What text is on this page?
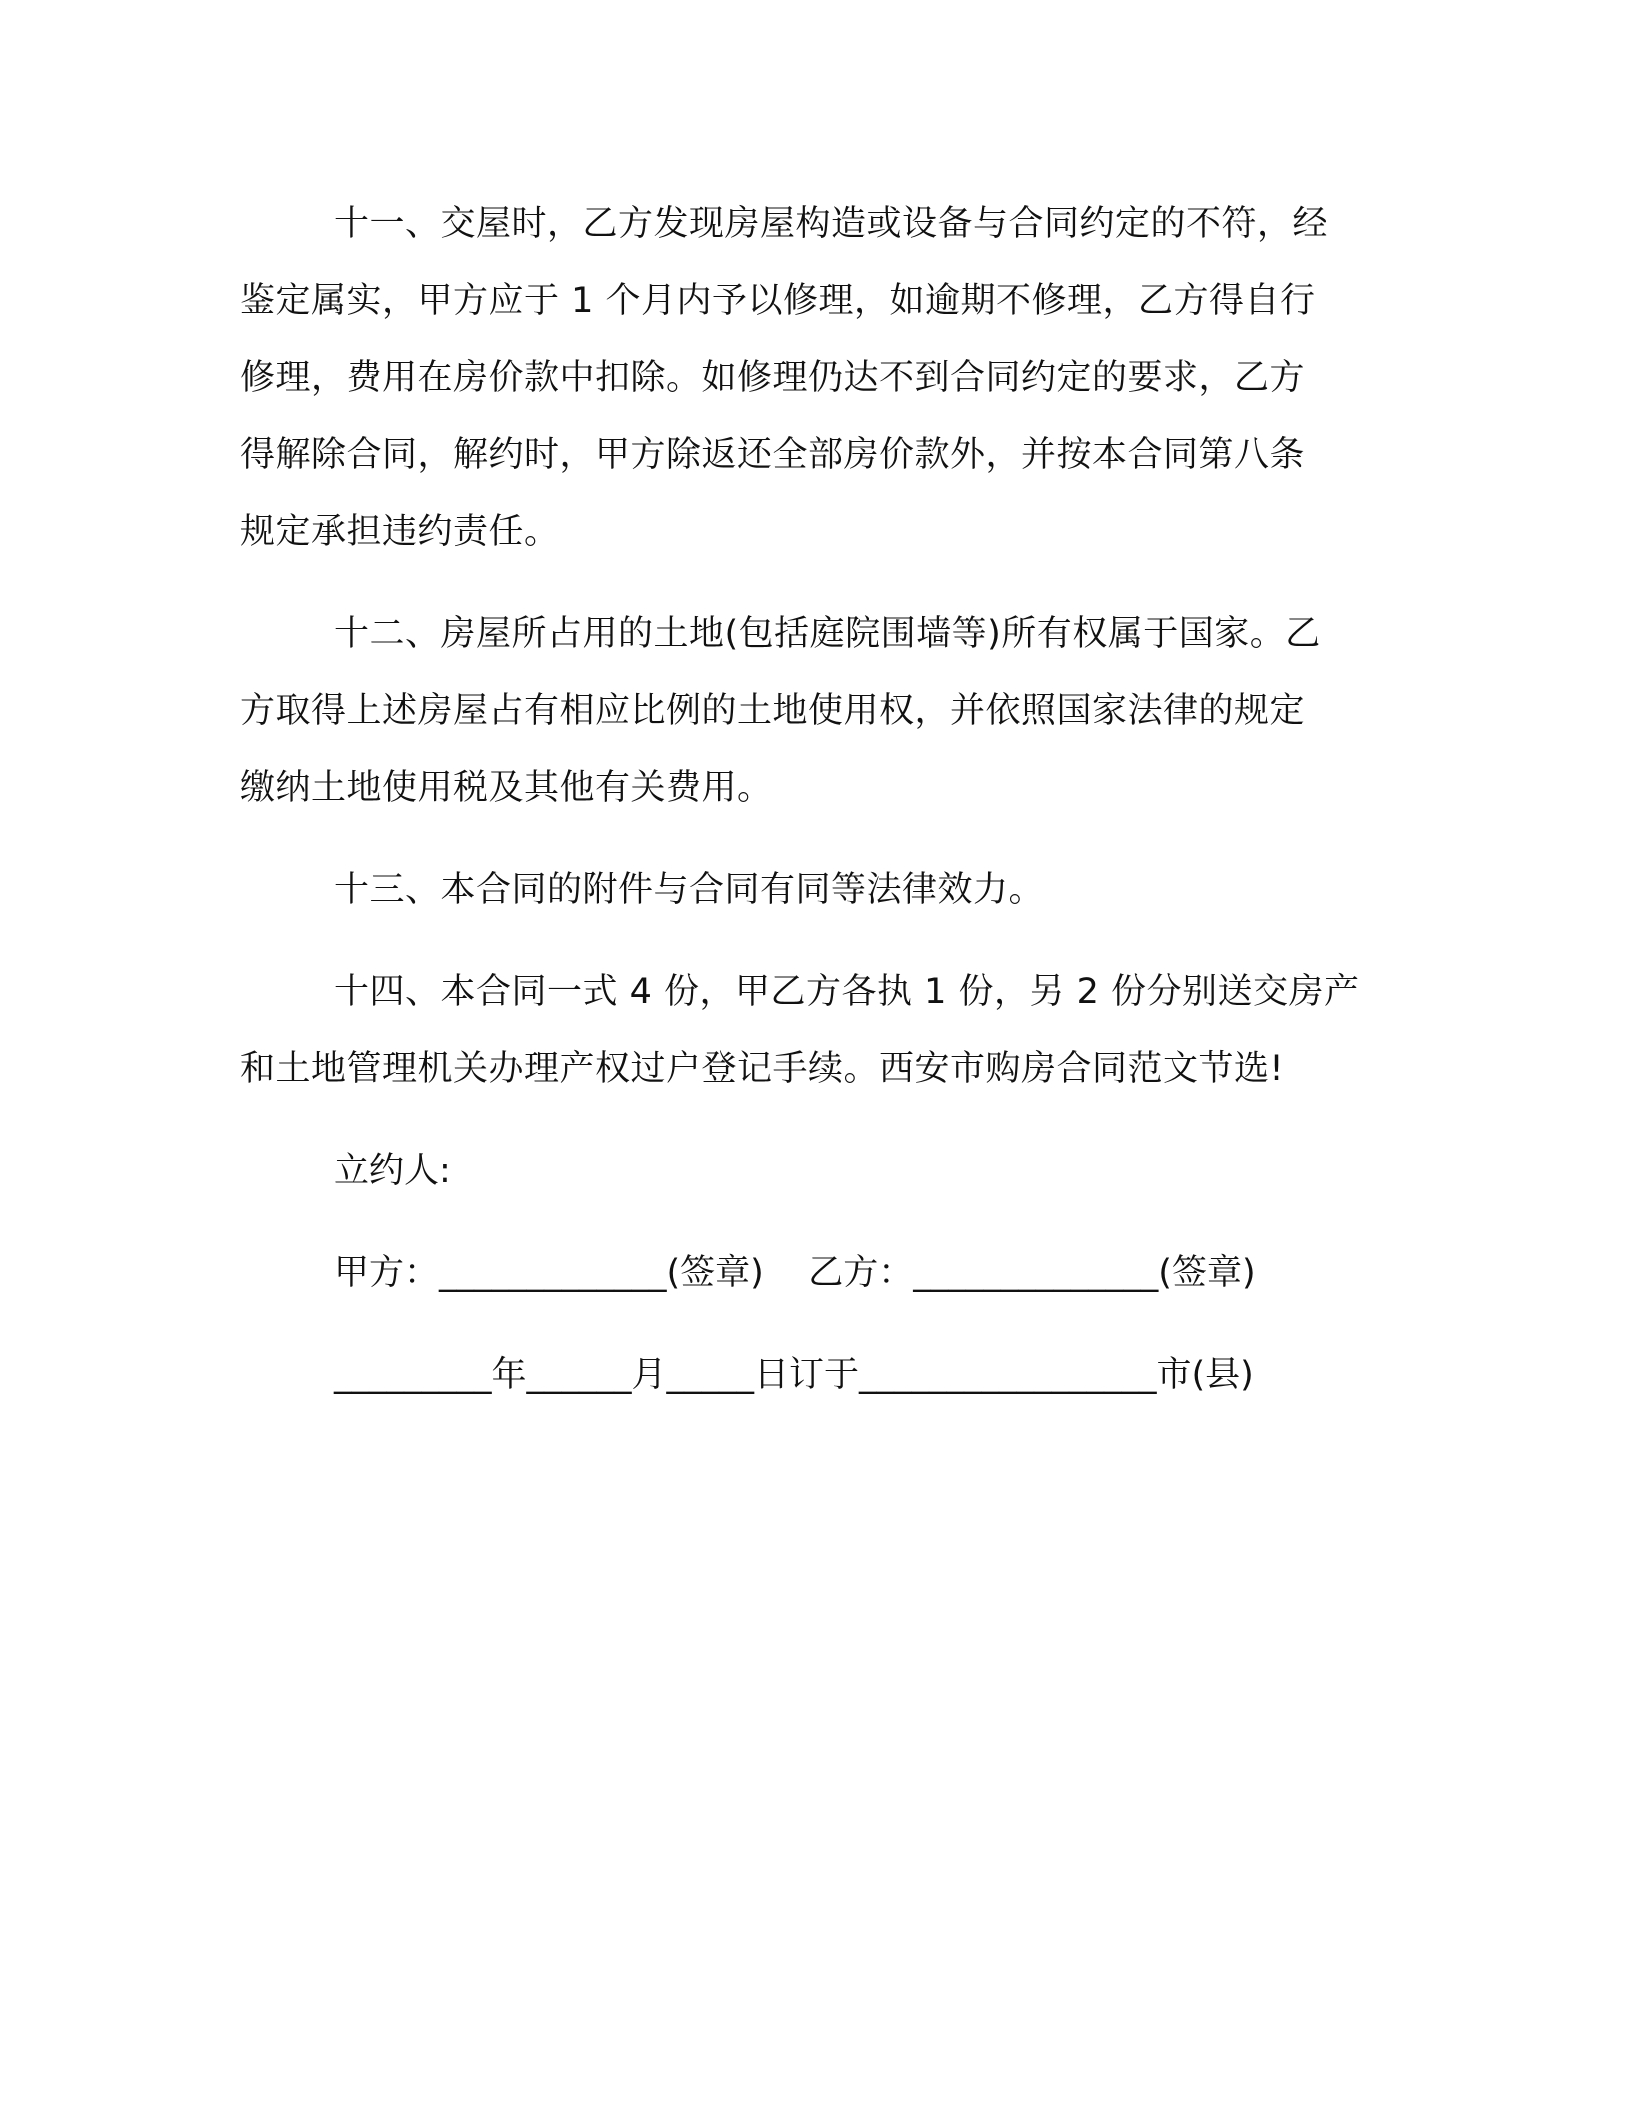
十一、交屋时，乙方发现房屋构造或设备与合同约定的不符，经
鉴定属实，甲方应于 1 个月内予以修理，如逾期不修理，乙方得自行
修理，费用在房价款中扣除。如修理仍达不到合同约定的要求，乙方
得解除合同，解约时，甲方除返还全部房价款外，并按本合同第八条
规定承担违约责任。
十二、房屋所占用的土地(包括庭院围墙等)所有权属于国家。乙
方取得上述房屋占有相应比例的土地使用权，并依照国家法律的规定
缴纳土地使用税及其他有关费用。
十三、本合同的附件与合同有同等法律效力。
十四、本合同一式 4 份，甲乙方各执 1 份，另 2 份分别送交房产
和土地管理机关办理产权过户登记手续。西安市购房合同范文节选!

立约人:

甲方：_____________(签章)    乙方：______________(签章)

_________年______月_____日订于_________________市(县)
